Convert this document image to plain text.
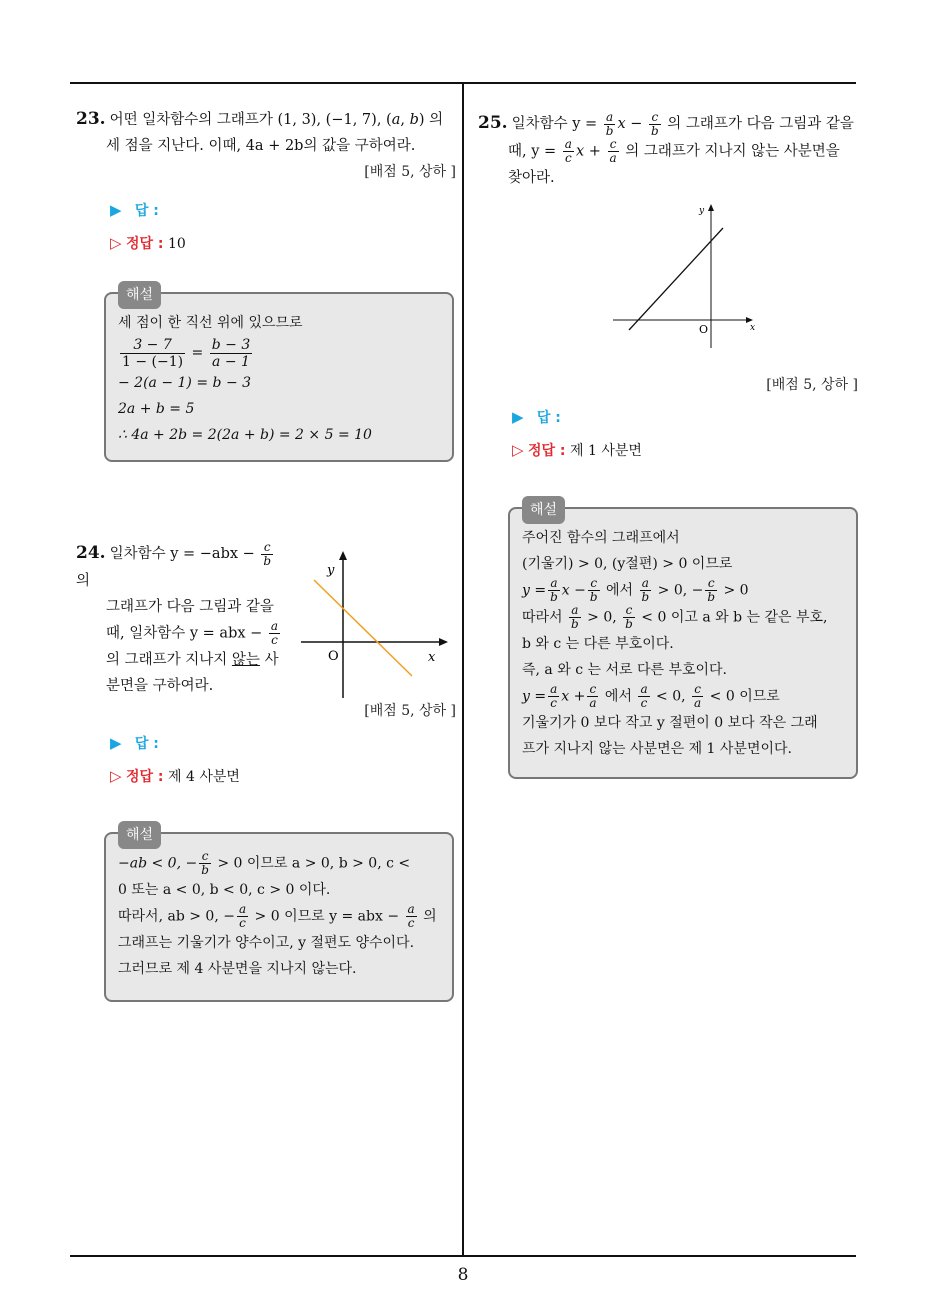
23. 어떤 일차함수의 그래프가 (1, 3), (−1, 7), (a, b) 의
세 점을 지난다. 이때, 4a + 2b의 값을 구하여라.
[배점 5, 상하 ]
▶ 답 :
▷ 정답 : 10
해설
세 점이 한 직선 위에 있으므로
$\frac{3 - 7}{1 - (-1)} = \frac{b - 3}{a - 1}$
− 2(a − 1) = b − 3
2a + b = 5
∴ 4a + 2b = 2(2a + b) = 2 × 5 = 10
24. 일차함수 $y = -abx - \frac{c}{b}$
의
그래프가 다음 그림과 같을
때, 일차함수 y = abx − $\frac{a}{c}$
의 그래프가 지나지 않는 사
분면을 구하여라.
y
x
O
[배점 5, 상하 ]
▶ 답 :
▷ 정답 : 제 4 사분면
해설
−ab < 0, − $\frac{c}{b} > 0$ 이므로 a > 0, b > 0, c <
0 또는 a < 0, b < 0, c > 0 이다.
따라서, ab > 0, − $\frac{a}{c} > 0$ 이므로 y = abx − $\frac{a}{c}$ 의
그래프는 기울기가 양수이고, y 절편도 양수이다.
그러므로 제 4 사분면을 지나지 않는다.
25. 일차함수 $y = \frac{a}{b}$ $x - \frac{c}{b}$ 의 그래프가 다음 그림과 같을
때, $y = \frac{a}{c}$ $x + \frac{c}{a}$ 의 그래프가 지나지 않는 사분면을
찾아라.
y
x
O
[배점 5, 상하 ]
▶ 답 :
▷ 정답 : 제 1 사분면
해설
주어진 함수의 그래프에서
(기울기) > 0, (y절편) > 0 이므로
$y = \frac{a}{b}$ $x - \frac{c}{b}$ 에서 $\frac{a}{b} > 0$, − $\frac{c}{b} > 0$
따라서 $\frac{a}{b} > 0$, $\frac{c}{b} < 0$ 이고 a 와 b 는 같은 부호,
b 와 c 는 다른 부호이다.
즉, a 와 c 는 서로 다른 부호이다.
$y = \frac{a}{c}$ $x + \frac{c}{a}$ 에서 $\frac{a}{c} < 0$, $\frac{c}{a} < 0$ 이므로
기울기가 0 보다 작고 y 절편이 0 보다 작은 그래
프가 지나지 않는 사분면은 제 1 사분면이다.
8
